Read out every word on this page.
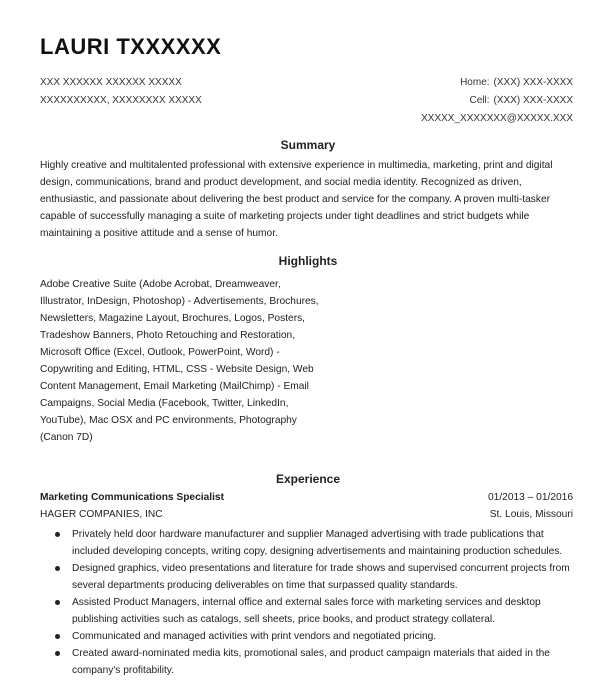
LAURI TXXXXXX
XXX XXXXXX XXXXXX XXXXX
XXXXXXXXXX, XXXXXXXX XXXXX
Home: (XXX) XXX-XXXX
Cell: (XXX) XXX-XXXX
XXXXX_XXXXXXX@XXXXX.XXX
Summary
Highly creative and multitalented professional with extensive experience in multimedia, marketing, print and digital design, communications, brand and product development, and social media identity. Recognized as driven, enthusiastic, and passionate about delivering the best product and service for the company. A proven multi-tasker capable of successfully managing a suite of marketing projects under tight deadlines and strict budgets while maintaining a positive attitude and a sense of humor.
Highlights
Adobe Creative Suite (Adobe Acrobat, Dreamweaver, Illustrator, InDesign, Photoshop) - Advertisements, Brochures, Newsletters, Magazine Layout, Brochures, Logos, Posters, Tradeshow Banners, Photo Retouching and Restoration, Microsoft Office (Excel, Outlook, PowerPoint, Word) - Copywriting and Editing, HTML, CSS - Website Design, Web Content Management, Email Marketing (MailChimp) - Email Campaigns, Social Media (Facebook, Twitter, LinkedIn, YouTube), Mac OSX and PC environments, Photography (Canon 7D)
Experience
Marketing Communications Specialist	01/2013 – 01/2016
HAGER COMPANIES, INC	St. Louis, Missouri
Privately held door hardware manufacturer and supplier Managed advertising with trade publications that included developing concepts, writing copy, designing advertisements and maintaining production schedules.
Designed graphics, video presentations and literature for trade shows and supervised concurrent projects from several departments producing deliverables on time that surpassed quality standards.
Assisted Product Managers, internal office and external sales force with marketing services and desktop publishing activities such as catalogs, sell sheets, price books, and product strategy collateral.
Communicated and managed activities with print vendors and negotiated pricing.
Created award-nominated media kits, promotional sales, and product campaign materials that aided in the company's profitability.
